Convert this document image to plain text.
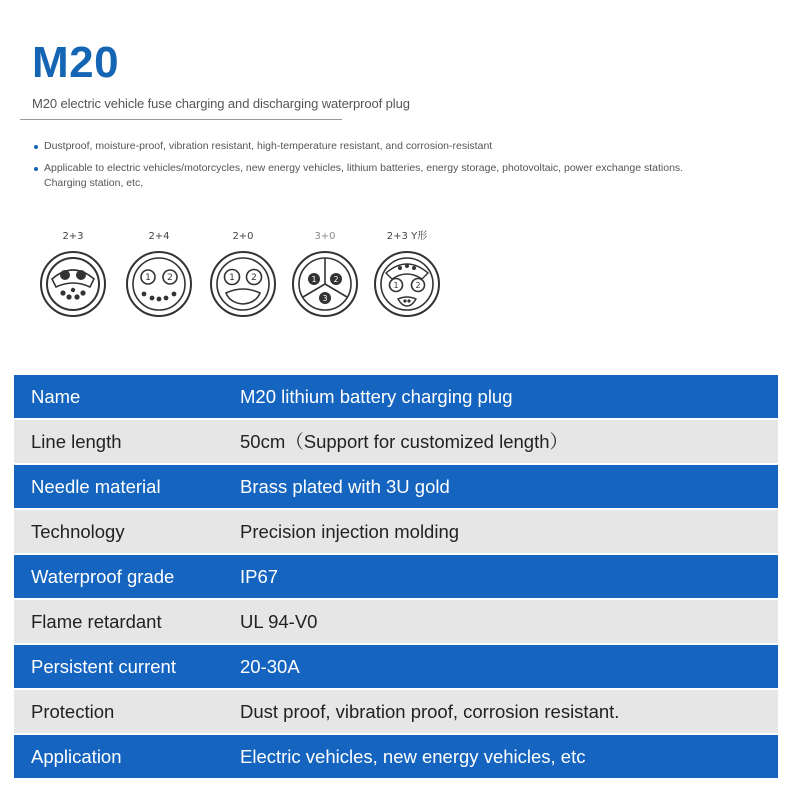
M20
M20 electric vehicle fuse charging and discharging waterproof plug
Dustproof, moisture-proof, vibration resistant, high-temperature resistant, and corrosion-resistant
Applicable to electric vehicles/motorcycles, new energy vehicles, lithium batteries, energy storage, photovoltaic, power exchange stations. Charging station, etc,
2+3	2+4
1 2
2+0
1 2
3+0
1 2
3
2+3 Y形
1 2
Name	M20 lithium battery charging plug
Line length	50cm（Support for customized length）
Needle material	Brass plated with 3U gold
Technology	Precision injection molding
Waterproof grade	IP67
Flame retardant	UL 94-V0
Persistent current	20-30A
Protection	Dust proof, vibration proof, corrosion resistant.
Application	Electric vehicles, new energy vehicles, etc
